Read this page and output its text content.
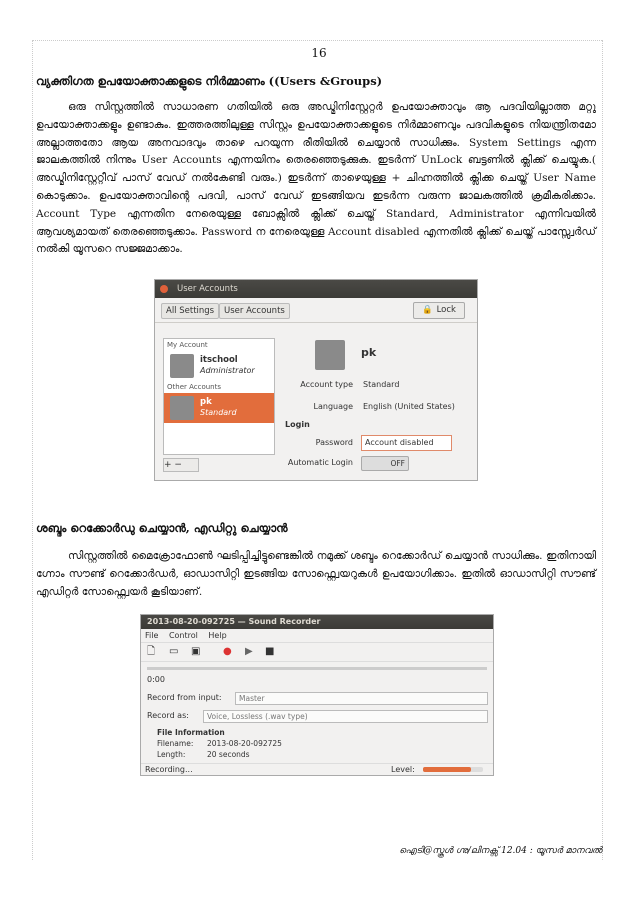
16
വ്യക്തിഗത ഉപയോക്താക്കളുടെ നിർമ്മാണം ((Users &Groups)

ഒരു സിസ്റ്റത്തിൽ സാധാരണ ഗതിയിൽ ഒരു അഡ്മിനിസ്റ്റേറ്റർ ഉപയോക്താവും ആ പദവിയില്ലാത്ത മറ്റു ഉപയോക്താക്കളും ഉണ്ടാകും. ഇത്തരത്തിലുള്ള സിസ്റ്റം ഉപയോക്താക്കളുടെ നിർമ്മാണവും പദവികളുടെ നിയന്ത്രിതമോ അല്ലാത്തതോ ആയ അനവാദവും താഴെ പറയുന്ന രീതിയിൽ ചെയ്യാൻ സാധിക്കും. System Settings എന്ന ജാലകത്തിൽ നിന്നും User Accounts എന്നയിനം തെരഞ്ഞെടുക്കുക. ഇടർന്ന് UnLock ബട്ടണിൽ ക്ലിക്ക് ചെയ്യുക.( അഡ്മിനിസ്റ്റേറ്റീവ് പാസ് വേഡ് നൽകേണ്ടി വരും.) ഇടർന്ന് താഴെയുള്ള + ചിഹ്നത്തിൽ ക്ലിക്ക ചെയ്ത് User Name കൊടുക്കാം. ഉപയോക്താവിന്റെ പദവി, പാസ് വേഡ് ഇടങ്ങിയവ ഇടർന്ന വരുന്ന ജാലകത്തിൽ ക്രമീകരിക്കാം. Account Type എന്നതിന നേരെയുള്ള ബോക്സിൽ ക്ലിക്ക് ചെയ്ത് Standard, Administrator എന്നിവയിൽ ആവശ്യമായത് തെരഞ്ഞെടുക്കാം. Password ന നേരെയുള്ള Account disabled എന്നതിൽ ക്ലിക്ക് ചെയ്ത് പാസ്സ്വേർഡ് നൽകി യൂസറെ സജ്ജമാക്കാം.

User Accounts
All Settings	User Accounts	🔒 Lock
My Account
itschool
Administrator
Other Accounts
pk
Standard
+ −
pk
Account type Standard
Language English (United States)
Login
Password	Account disabled
Automatic Login	OFF
ശബ്ദം റെക്കോർഡു ചെയ്യാൻ, എഡിറ്റു ചെയ്യാൻ

സിസ്റ്റത്തിൽ മൈക്രോഫോൺ ഘടിപ്പിച്ചിട്ടുണ്ടെങ്കിൽ നമുക്ക് ശബ്ദം റെക്കോർഡ് ചെയ്യാൻ സാധിക്കും. ഇതിനായി ഗ്നോം സൗണ്ട് റെക്കോർഡർ, ഓഡാസിറ്റി ഇടങ്ങിയ സോഫ്റ്റ്വെയറുകൾ ഉപയോഗിക്കാം. ഇതിൽ ഓഡാസിറ്റി സൗണ്ട് എഡിറ്റർ സോഫ്റ്റ്വെയർ കൂടിയാണ്.

2013-08-20-092725 — Sound Recorder
File Control Help
🗋 ▭ ▣ ● ▶ ■
0:00
Record from input:	Master
Record as:	Voice, Lossless (.wav type)
File Information
Filename: 2013-08-20-092725
Length:	20 seconds
Recording...	Level:
ഐടി@സ്കൂൾ ഗ്നു/ലിനക്സ് 12.04 : യൂസർ മാനവൽ
